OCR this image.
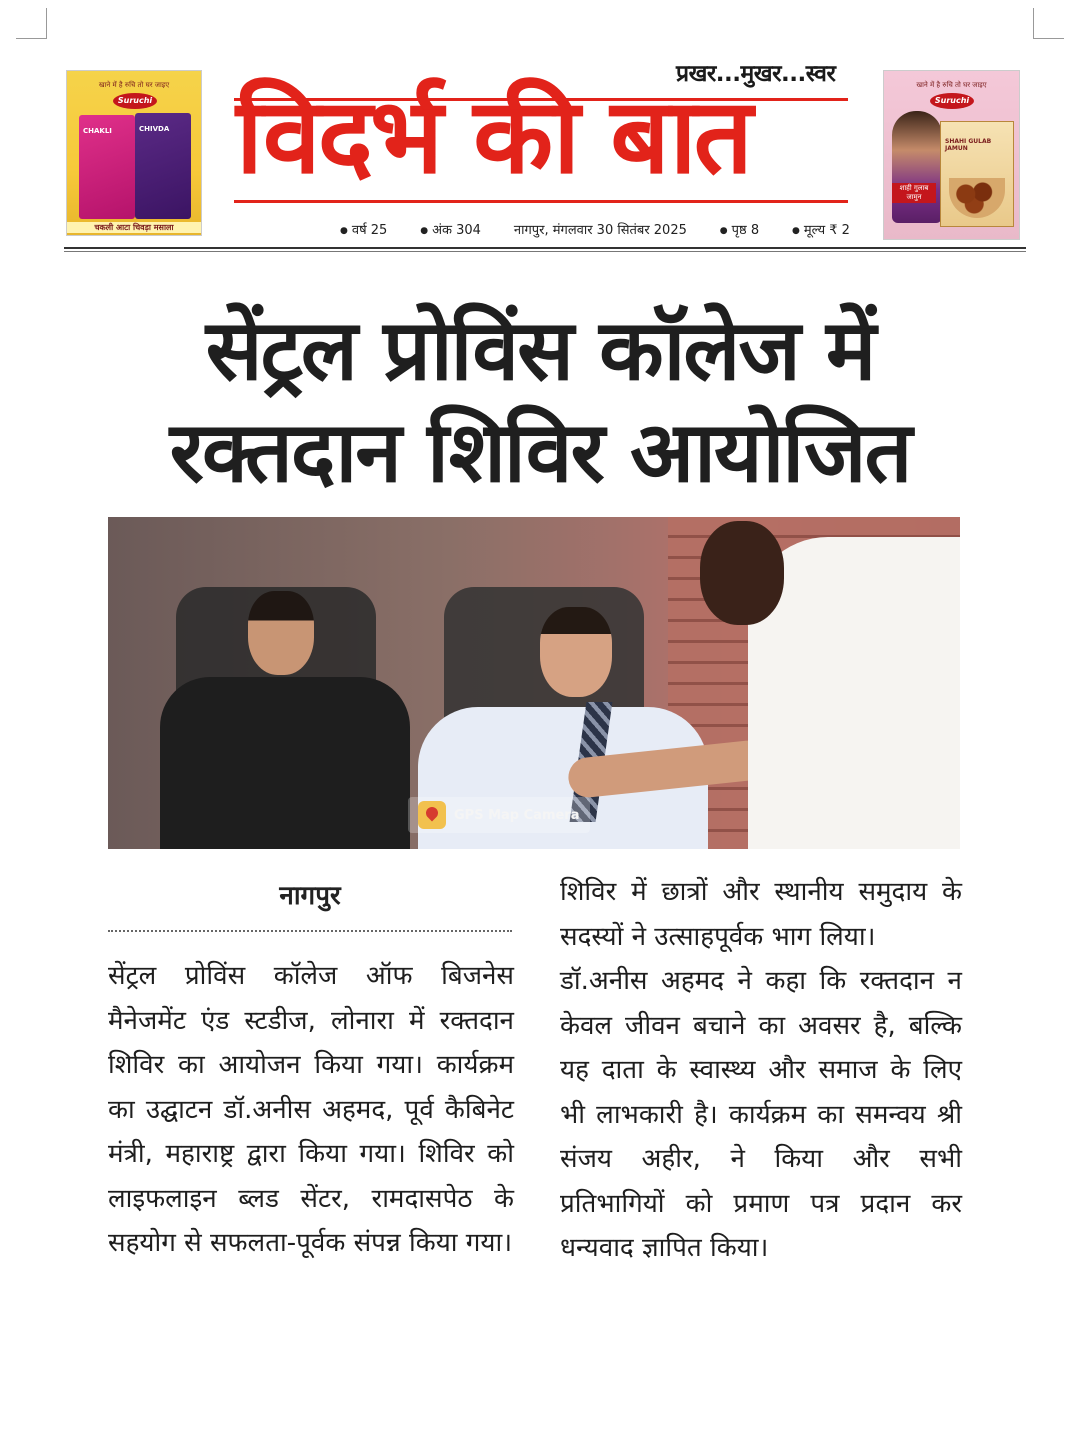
खाने में है रुचि तो घर जाइए
Suruchi
CHAKLI	CHIVDA
चकली आटा चिवड़ा मसाला
खाने में है रुचि तो घर जाइए
Suruchi
SHAHI GULAB JAMUN
शाही गुलाब जामुन
प्रखर...मुखर...स्वर
विदर्भ की बात
● वर्ष 25	● अंक 304	नागपुर, मंगलवार 30 सितंबर 2025	● पृष्ठ 8	● मूल्य ₹ 2
सेंट्रल प्रोविंस कॉलेज में
रक्तदान शिविर आयोजित
GPS Map Camera
नागपुर

सेंट्रल प्रोविंस कॉलेज ऑफ बिजनेस मैनेजमेंट एंड स्टडीज, लोनारा में रक्तदान शिविर का आयोजन किया गया। कार्यक्रम का उद्घाटन डॉ.अनीस अहमद, पूर्व कैबिनेट मंत्री, महाराष्ट्र द्वारा किया गया। शिविर को लाइफलाइन ब्लड सेंटर, रामदासपेठ के सहयोग से सफलता-पूर्वक संपन्न किया गया।

शिविर में छात्रों और स्थानीय समुदाय के सदस्यों ने उत्साहपूर्वक भाग लिया।

डॉ.अनीस अहमद ने कहा कि रक्तदान न केवल जीवन बचाने का अवसर है, बल्कि यह दाता के स्वास्थ्य और समाज के लिए भी लाभकारी है। कार्यक्रम का समन्वय श्री संजय अहीर, ने किया और सभी प्रतिभागियों को प्रमाण पत्र प्रदान कर धन्यवाद ज्ञापित किया।
